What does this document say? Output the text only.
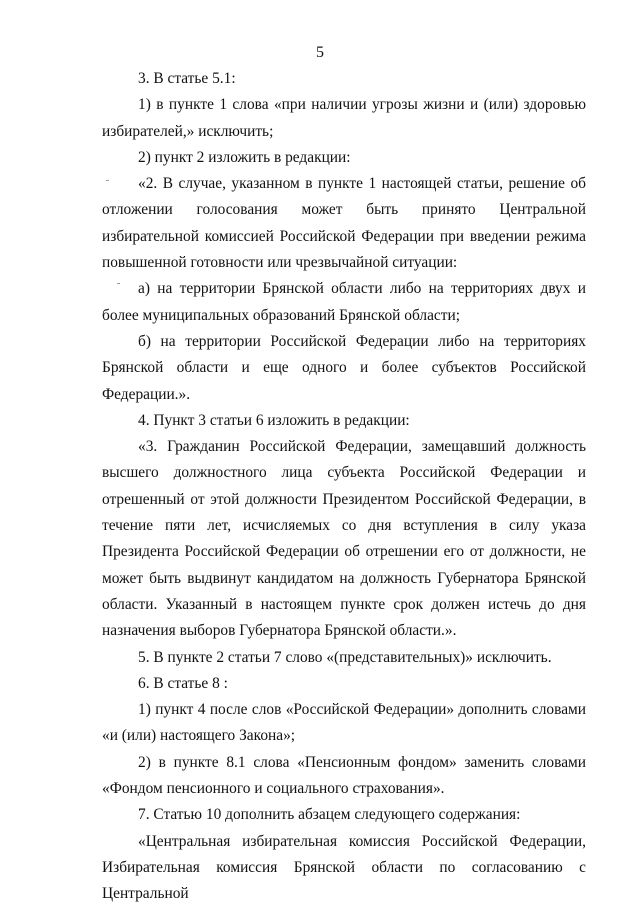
5

3. В статье 5.1:

1) в пункте 1 слова «при наличии угрозы жизни и (или) здоровью избирателей,» исключить;

2) пункт 2 изложить в редакции:

«2. В случае, указанном в пункте 1 настоящей статьи, решение об отложении голосования может быть принято Центральной избирательной комиссией Российской Федерации при введении режима повышенной готовности или чрезвычайной ситуации:

а) на территории Брянской области либо на территориях двух и более муниципальных образований Брянской области;

б) на территории Российской Федерации либо на территориях Брянской области и еще одного и более субъектов Российской Федерации.».

4. Пункт 3 статьи 6 изложить в редакции:

«3. Гражданин Российской Федерации, замещавший должность высшего должностного лица субъекта Российской Федерации и отрешенный от этой должности Президентом Российской Федерации, в течение пяти лет, исчисляемых со дня вступления в силу указа Президента Российской Федерации об отрешении его от должности, не может быть выдвинут кандидатом на должность Губернатора Брянской области. Указанный в настоящем пункте срок должен истечь до дня назначения выборов Губернатора Брянской области.».

5. В пункте 2 статьи 7 слово «(представительных)» исключить.

6. В статье 8 :

1) пункт 4 после слов «Российской Федерации» дополнить словами «и (или) настоящего Закона»;

2) в пункте 8.1 слова «Пенсионным фондом» заменить словами «Фондом пенсионного и социального страхования».

7. Статью 10 дополнить абзацем следующего содержания:

«Центральная избирательная комиссия Российской Федерации, Избирательная комиссия Брянской области по согласованию с Центральной
